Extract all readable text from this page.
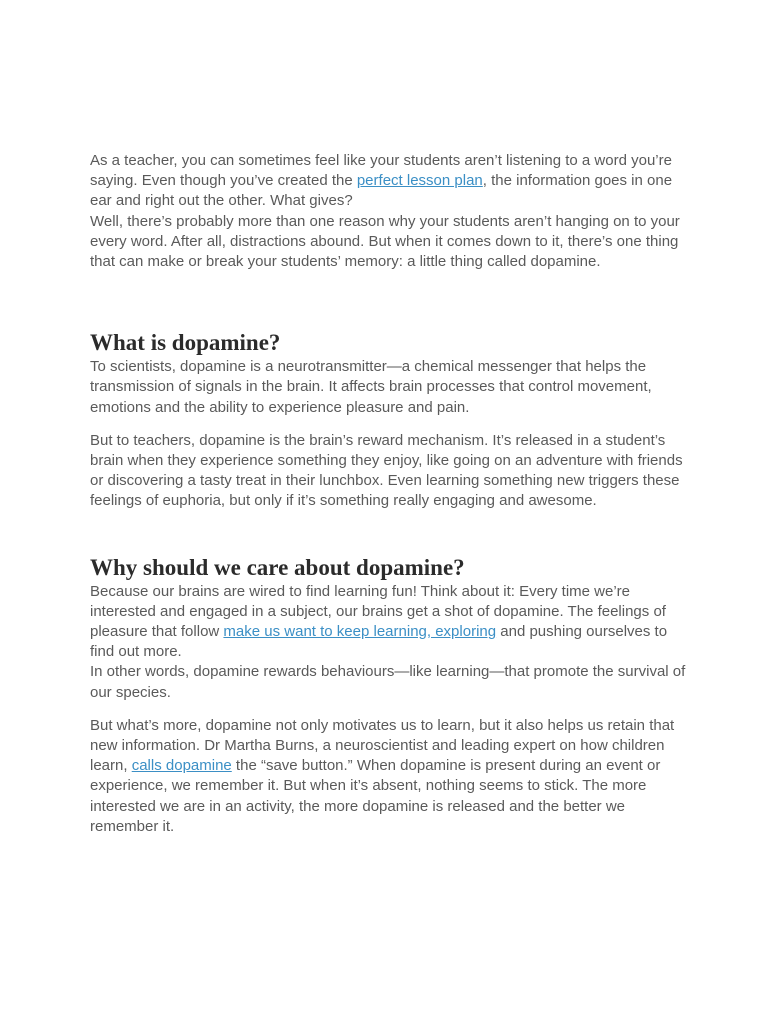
As a teacher, you can sometimes feel like your students aren’t listening to a word you’re saying. Even though you’ve created the perfect lesson plan, the information goes in one ear and right out the other. What gives?

Well, there’s probably more than one reason why your students aren’t hanging on to your every word. After all, distractions abound. But when it comes down to it, there’s one thing that can make or break your students’ memory: a little thing called dopamine.

What is dopamine?

To scientists, dopamine is a neurotransmitter—a chemical messenger that helps the transmission of signals in the brain. It affects brain processes that control movement, emotions and the ability to experience pleasure and pain.

But to teachers, dopamine is the brain’s reward mechanism. It’s released in a student’s brain when they experience something they enjoy, like going on an adventure with friends or discovering a tasty treat in their lunchbox. Even learning something new triggers these feelings of euphoria, but only if it’s something really engaging and awesome.

Why should we care about dopamine?

Because our brains are wired to find learning fun! Think about it: Every time we’re interested and engaged in a subject, our brains get a shot of dopamine. The feelings of pleasure that follow make us want to keep learning, exploring and pushing ourselves to find out more.

In other words, dopamine rewards behaviours—like learning—that promote the survival of our species.

But what’s more, dopamine not only motivates us to learn, but it also helps us retain that new information. Dr Martha Burns, a neuroscientist and leading expert on how children learn, calls dopamine the “save button.” When dopamine is present during an event or experience, we remember it. But when it’s absent, nothing seems to stick. The more interested we are in an activity, the more dopamine is released and the better we remember it.
